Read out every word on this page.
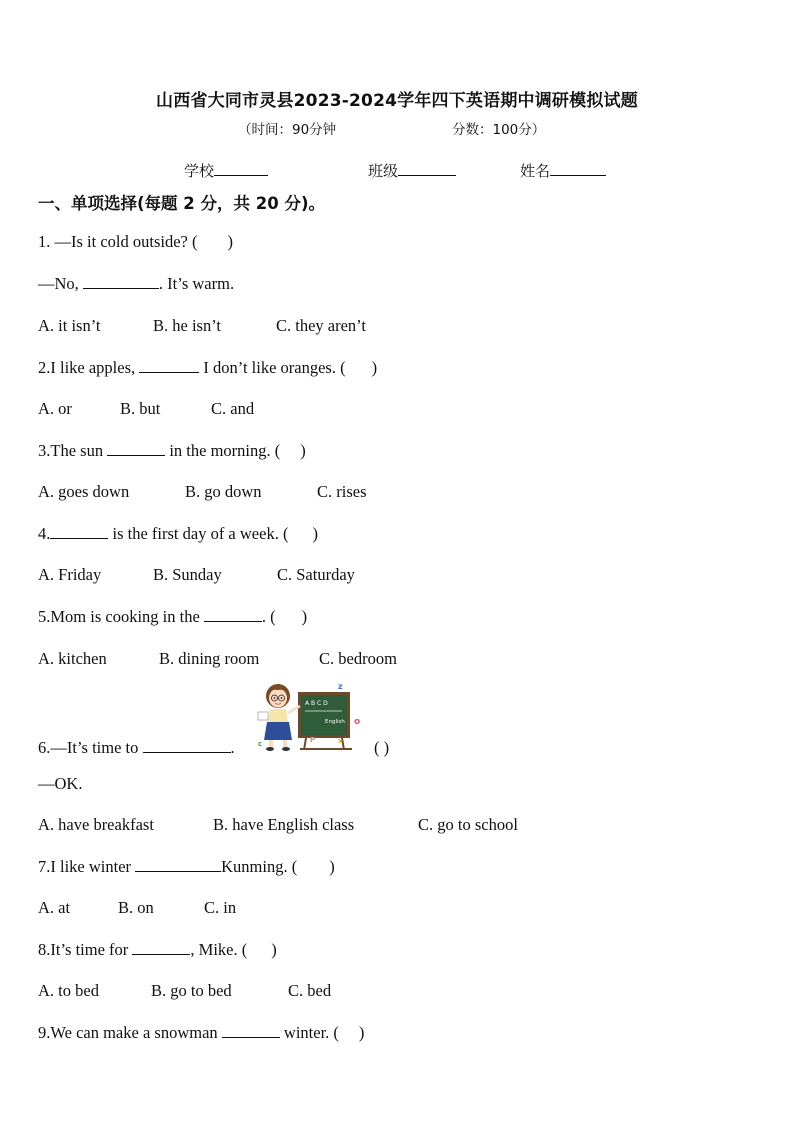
山西省大同市灵县2023-2024学年四下英语期中调研模拟试题
（时间：90分钟	分数：100分）
学校	班级	姓名
一、单项选择(每题 2 分，共 20 分)。
1. —Is it cold outside? ( )
—No,	. It’s warm.
A. it isn’t	B. he isn’t	C. they aren’t
2.I like apples,	I don’t like oranges. ( )
A. or	B. but	C. and
3.The sun	in the morning. ( )
A. goes down	B. go down	C. rises
4.	is the first day of a week. ( )
A. Friday	B. Sunday	C. Saturday
5.Mom is cooking in the	. ( )
A. kitchen	B. dining room	C. bedroom
A B C D
English
z
o
P	x
c
6.—It’s time to	.	( )
—OK.
A. have breakfast	B. have English class	C. go to school
7.I like winter	Kunming. ( )
A. at	B. on	C. in
8.It’s time for	, Mike. ( )
A. to bed	B. go to bed	C. bed
9.We can make a snowman	winter. ( )
